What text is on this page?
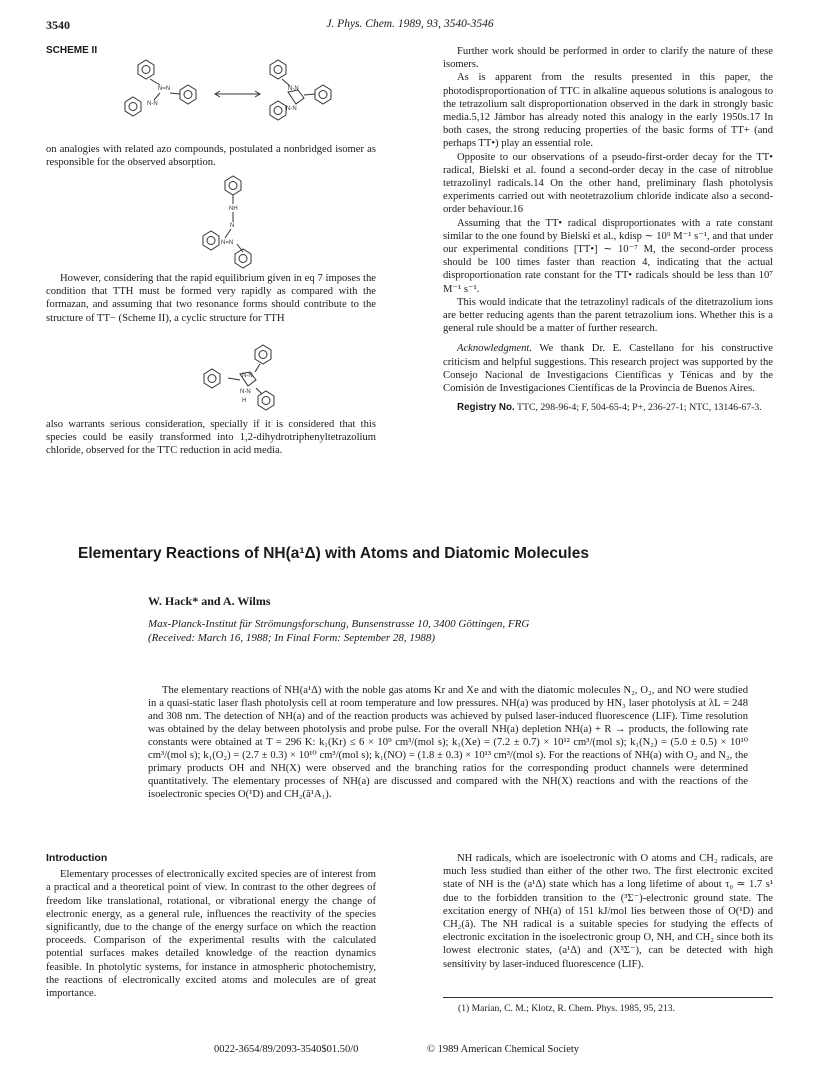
3540	J. Phys. Chem. 1989, 93, 3540-3546
SCHEME II
N=N
N-N
N-N
N-N

on analogies with related azo compounds, postulated a nonbridged isomer as responsible for the observed absorption.

NH
N
N=N

However, considering that the rapid equilibrium given in eq 7 imposes the condition that TTH must be formed very rapidly as compared with the formazan, and assuming that two resonance forms should contribute to the structure of TT− (Scheme II), a cyclic structure for TTH

N-N
N-N
H

also warrants serious consideration, specially if it is considered that this species could be easily transformed into 1,2-dihydrotriphenyltetrazolium chloride, observed for the TTC reduction in acid media.

Further work should be performed in order to clarify the nature of these isomers.

As is apparent from the results presented in this paper, the photodisproportionation of TTC in alkaline aqueous solutions is analogous to the tetrazolium salt disproportionation observed in the dark in strongly basic media.5,12 Jámbor has already noted this analogy in the early 1950s.17 In both cases, the strong reducing properties of the basic forms of TT+ (and perhaps TT•) play an essential role.

Opposite to our observations of a pseudo-first-order decay for the TT• radical, Bielski et al. found a second-order decay in the case of nitroblue tetrazolinyl radicals.14 On the other hand, preliminary flash photolysis experiments carried out with neotetrazolium chloride indicate also a second-order behaviour.16

Assuming that the TT• radical disproportionates with a rate constant similar to the one found by Bielski et al., kdisp ∼ 10⁹ M⁻¹ s⁻¹, and that under our experimental conditions [TT•] ∼ 10⁻⁷ M, the second-order process should be 100 times faster than reaction 4, indicating that the actual disproportionation rate constant for the TT• radicals should be less than 10⁷ M⁻¹ s⁻¹.

This would indicate that the tetrazolinyl radicals of the ditetrazolium ions are better reducing agents than the parent tetrazolium ions. Whether this is a general rule should be a matter of further research.

Acknowledgment. We thank Dr. E. Castellano for his constructive criticism and helpful suggestions. This research project was supported by the Consejo Nacional de Investigacions Científicas y Ténicas and by the Comisión de Investigaciones Científicas de la Provincia de Buenos Aires.

Registry No. TTC, 298-96-4; F, 504-65-4; P+, 236-27-1; NTC, 13146-67-3.

Elementary Reactions of NH(a¹Δ) with Atoms and Diatomic Molecules
W. Hack* and A. Wilms
Max-Planck-Institut für Strömungsforschung, Bunsenstrasse 10, 3400 Göttingen, FRG
(Received: March 16, 1988; In Final Form: September 28, 1988)

The elementary reactions of NH(a¹Δ) with the noble gas atoms Kr and Xe and with the diatomic molecules N₂, O₂, and NO were studied in a quasi-static laser flash photolysis cell at room temperature and low pressures. NH(a) was produced by HN₃ laser photolysis at λL = 248 and 308 nm. The detection of NH(a) and of the reaction products was achieved by pulsed laser-induced fluorescence (LIF). Time resolution was obtained by the delay between photolysis and probe pulse. For the overall NH(a) depletion NH(a) + R → products, the following rate constants were obtained at T = 296 K: k₁(Kr) ≤ 6 × 10⁹ cm³/(mol s); k₁(Xe) = (7.2 ± 0.7) × 10¹² cm³/(mol s); k₁(N₂) = (5.0 ± 0.5) × 10¹⁰ cm³/(mol s); k₁(O₂) = (2.7 ± 0.3) × 10¹⁰ cm³/(mol s); k₁(NO) = (1.8 ± 0.3) × 10¹³ cm³/(mol s). For the reactions of NH(a) with O₂ and N₂, the primary products OH and NH(X) were observed and the branching ratios for the corresponding product channels were determined quantitatively. The elementary processes of NH(a) are discussed and compared with the NH(X) reactions and with the reactions of the isoelectronic species O(¹D) and CH₂(ã¹A₁).

Introduction

Elementary processes of electronically excited species are of interest from a practical and a theoretical point of view. In contrast to the other degrees of freedom like translational, rotational, or vibrational energy the change of electronic energy, as a general rule, influences the reactivity of the species significantly, due to the change of the energy surface on which the reaction proceeds. Comparison of the experimental results with the calculated potential surfaces makes detailed knowledge of the reaction dynamics feasible. In photolytic systems, for instance in atmospheric photochemistry, the reactions of electronically excited atoms and molecules are of great importance.

NH radicals, which are isoelectronic with O atoms and CH₂ radicals, are much less studied than either of the other two. The first electronic excited state of NH is the (a¹Δ) state which has a long lifetime of about τ₀ ≃ 1.7 s¹ due to the forbidden transition to the (³Σ⁻)-electronic ground state. The excitation energy of NH(a) of 151 kJ/mol lies between those of O(¹D) and CH₂(ã). The NH radical is a suitable species for studying the effects of electronic excitation in the isoelectronic group O, NH, and CH₂ since both its lowest electronic states, (a¹Δ) and (X³Σ⁻), can be detected with high sensitivity by laser-induced fluorescence (LIF).

(1) Marian, C. M.; Klotz, R. Chem. Phys. 1985, 95, 213.
0022-3654/89/2093-3540$01.50/0	© 1989 American Chemical Society
